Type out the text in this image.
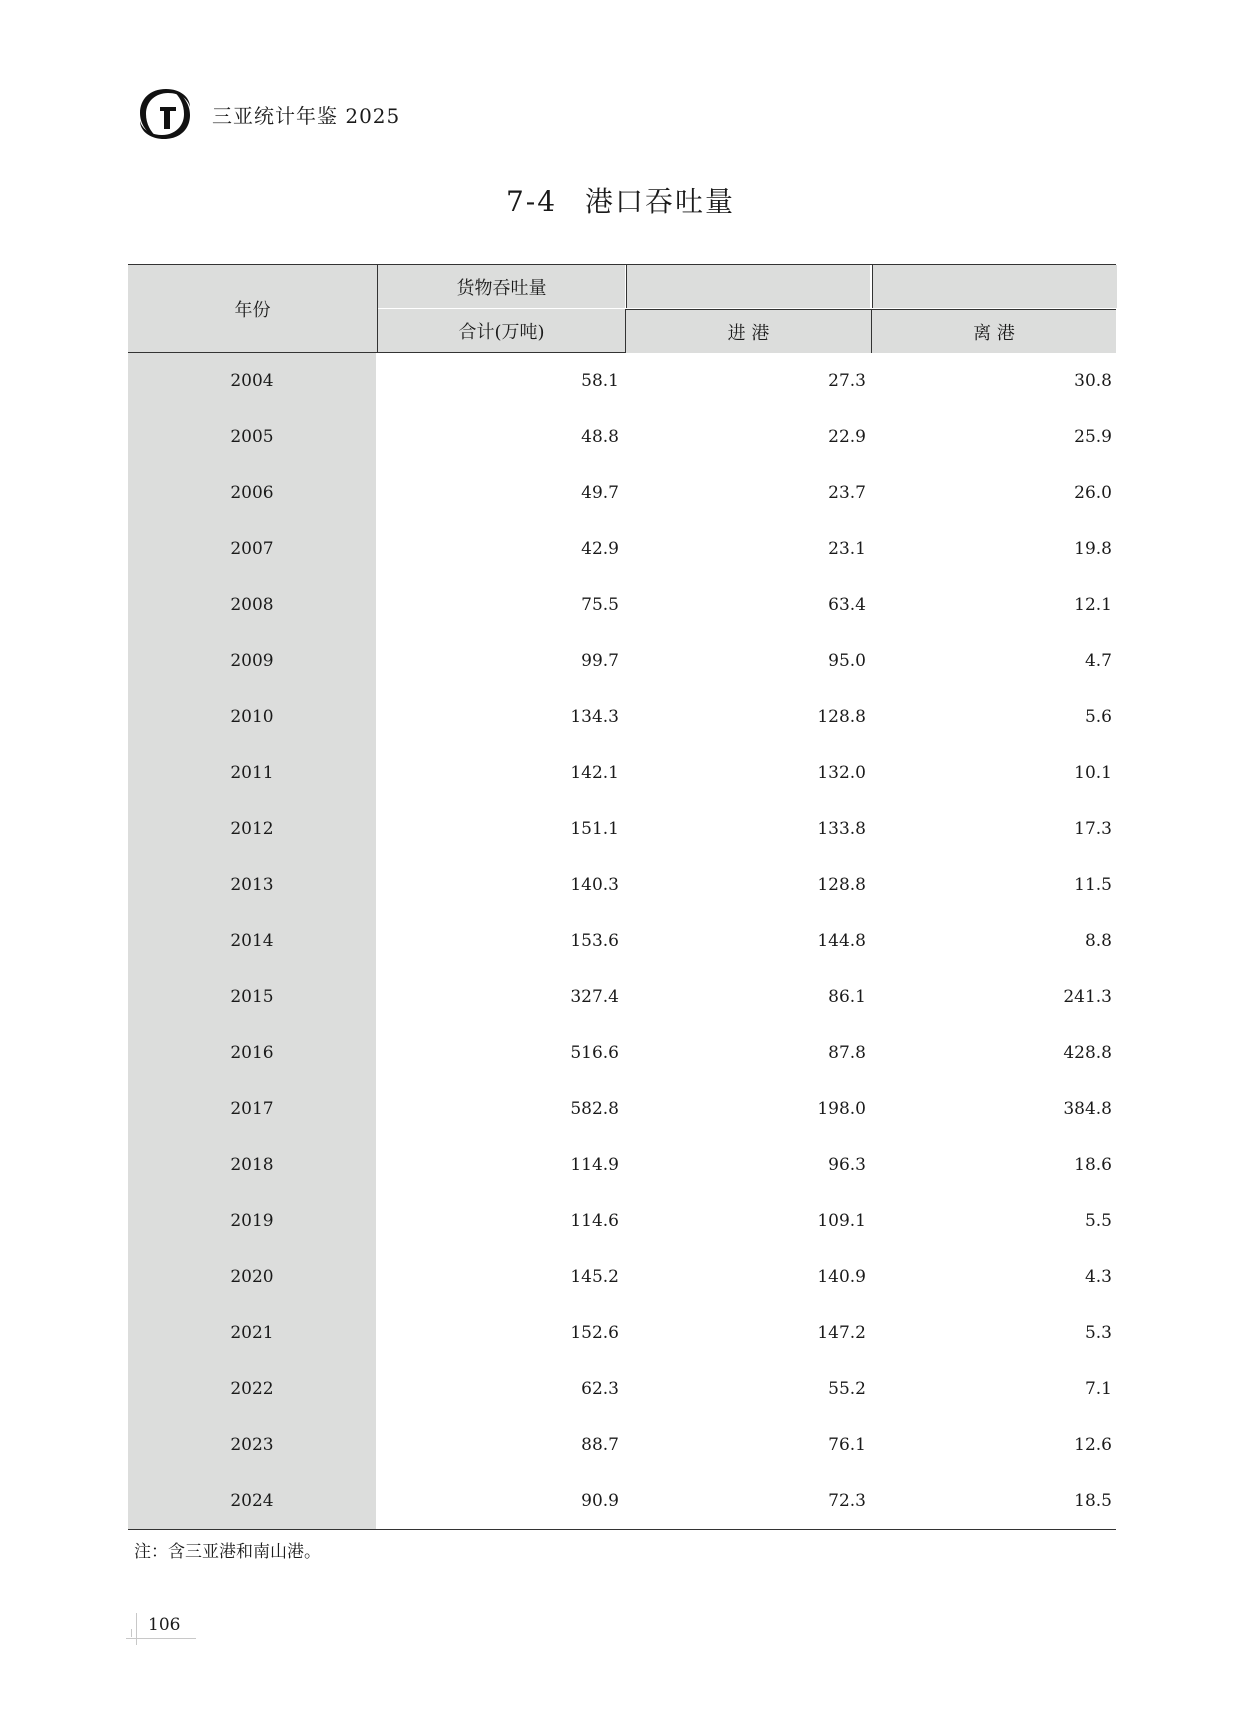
三亚统计年鉴 2025
7-4 港口吞吐量
年份
货物吞吐量
合计(万吨)	进 港	离 港
2004	58.1	27.3	30.8
2005	48.8	22.9	25.9
2006	49.7	23.7	26.0
2007	42.9	23.1	19.8
2008	75.5	63.4	12.1
2009	99.7	95.0	4.7
2010	134.3	128.8	5.6
2011	142.1	132.0	10.1
2012	151.1	133.8	17.3
2013	140.3	128.8	11.5
2014	153.6	144.8	8.8
2015	327.4	86.1	241.3
2016	516.6	87.8	428.8
2017	582.8	198.0	384.8
2018	114.9	96.3	18.6
2019	114.6	109.1	5.5
2020	145.2	140.9	4.3
2021	152.6	147.2	5.3
2022	62.3	55.2	7.1
2023	88.7	76.1	12.6
2024	90.9	72.3	18.5
注：含三亚港和南山港。
106
